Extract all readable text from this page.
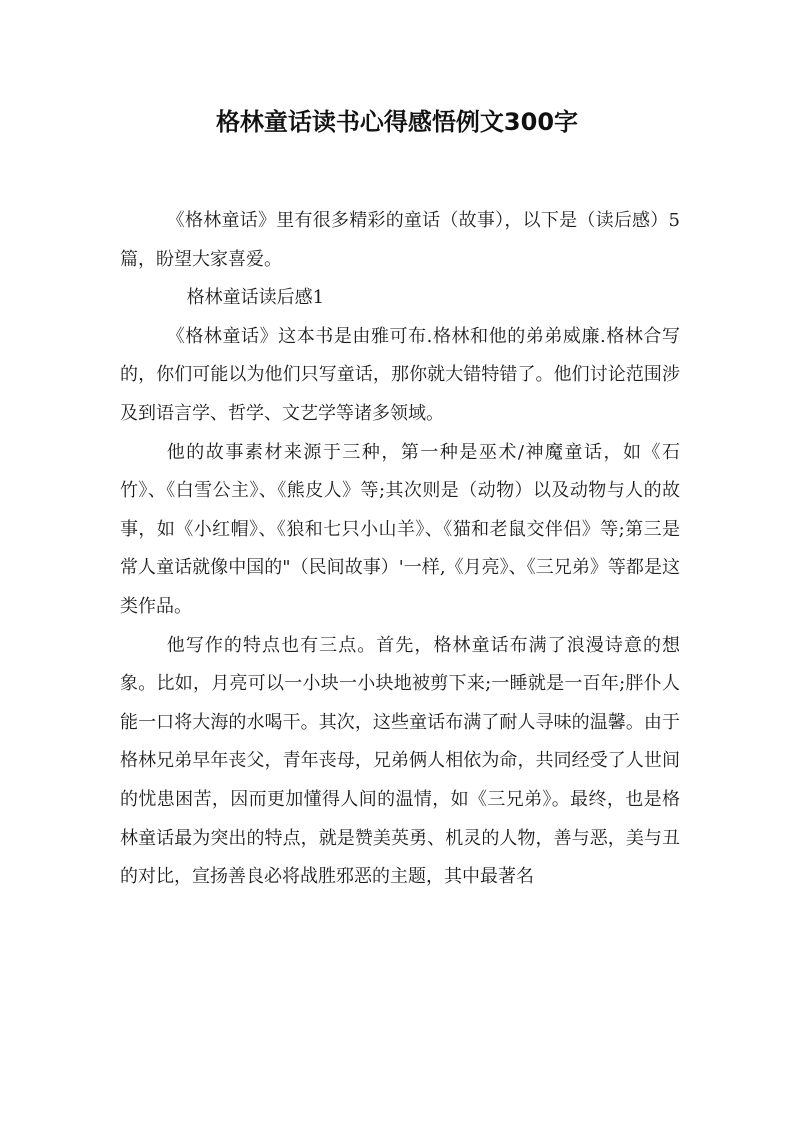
格林童话读书心得感悟例文300字

《格林童话》里有很多精彩的童话（故事），以下是（读后感）5篇，盼望大家喜爱。

格林童话读后感1

《格林童话》这本书是由雅可布.格林和他的弟弟威廉.格林合写的，你们可能以为他们只写童话，那你就大错特错了。他们讨论范围涉及到语言学、哲学、文艺学等诸多领域。

他的故事素材来源于三种，第一种是巫术/神魔童话，如《石竹》、《白雪公主》、《熊皮人》等;其次则是（动物）以及动物与人的故事，如《小红帽》、《狼和七只小山羊》、《猫和老鼠交伴侣》等;第三是常人童话就像中国的"（民间故事）'一样,《月亮》、《三兄弟》等都是这类作品。

他写作的特点也有三点。首先，格林童话布满了浪漫诗意的想象。比如，月亮可以一小块一小块地被剪下来;一睡就是一百年;胖仆人能一口将大海的水喝干。其次，这些童话布满了耐人寻味的温馨。由于格林兄弟早年丧父，青年丧母，兄弟俩人相依为命，共同经受了人世间的忧患困苦，因而更加懂得人间的温情，如《三兄弟》。最终，也是格林童话最为突出的特点，就是赞美英勇、机灵的人物，善与恶，美与丑的对比，宣扬善良必将战胜邪恶的主题，其中最著名
